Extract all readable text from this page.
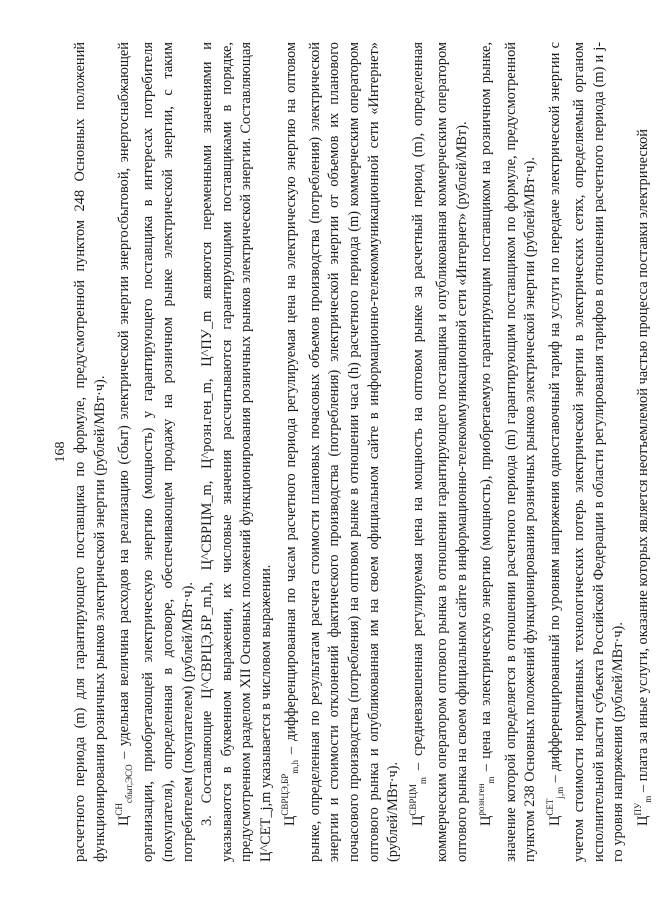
168 расчетного периода (m) для гарантирующего поставщика по формуле, предусмотренной пунктом 248 Основных положений функционирования розничных рынков электрической энергии (рублей/МВт·ч). $Ц^{СН}_{сбыт,ЭСО}$ – удельная величина расходов на реализацию (сбыт) электрической энергии энергосбытовой, энергоснабжающей организации, приобретающей электрическую энергию (мощность) у гарантирующего поставщика в интересах потребителя (покупателя), определенная в договоре, обеспечивающем продажу на розничном рынке электрической энергии, с таким потребителем (покупателем) (рублей/МВт·ч). 3. Составляющие Ц^СВРЦЭ,БР_m,h, Ц^СВРЦМ_m, Ц^розн.ген_m, Ц^ПУ_m являются переменными значениями и указываются в буквенном выражении, их числовые значения рассчитываются гарантирующими поставщиками в порядке, предусмотренном разделом XII Основных положений функционирования розничных рынков электрической энергии. Составляющая Ц^СЕТ_j,m указывается в числовом выражении. $Ц^{СВРЦЭ,БР}_{m,h}$ – дифференцированная по часам расчетного периода регулируемая цена на электрическую энергию на оптовом рынке, определенная по результатам расчета стоимости плановых почасовых объемов производства (потребления) электрической энергии и стоимости отклонений фактического производства (потребления) электрической энергии от объемов их планового почасового производства (потребления) на оптовом рынке в отношении часа (h) расчетного периода (m) коммерческим оператором оптового рынка и опубликованная им на своем официальном сайте в информационно-телекоммуникационной сети «Интернет» (рублей/МВт·ч). $Ц^{СВРЦМ}_m$ – средневзвешенная регулируемая цена на мощность на оптовом рынке за расчетный период (m), определенная коммерческим оператором оптового рынка в отношении гарантирующего поставщика и опубликованная коммерческим оператором оптового рынка на своем официальном сайте в информационно-телекоммуникационной сети «Интернет» (рублей/МВт). $Ц^{розн.ген}_m$ – цена на электрическую энергию (мощность), приобретаемую гарантирующим поставщиком на розничном рынке, значение которой определяется в отношении расчетного периода (m) гарантирующим поставщиком по формуле, предусмотренной пунктом 238 Основных положений функционирования розничных рынков электрической энергии (рублей/МВт·ч). $Ц^{СЕТ}_{j,m}$ – дифференцированный по уровням напряжения одноставочный тариф на услуги по передаче электрической энергии с учетом стоимости нормативных технологических потерь электрической энергии в электрических сетях, определяемый органом исполнительной власти субъекта Российской Федерации в области регулирования тарифов в отношении расчетного периода (m) и j-го уровня напряжения (рублей/МВт·ч). $Ц^{ПУ}_m$ – плата за иные услуги, оказание которых является неотъемлемой частью процесса поставки электрической
